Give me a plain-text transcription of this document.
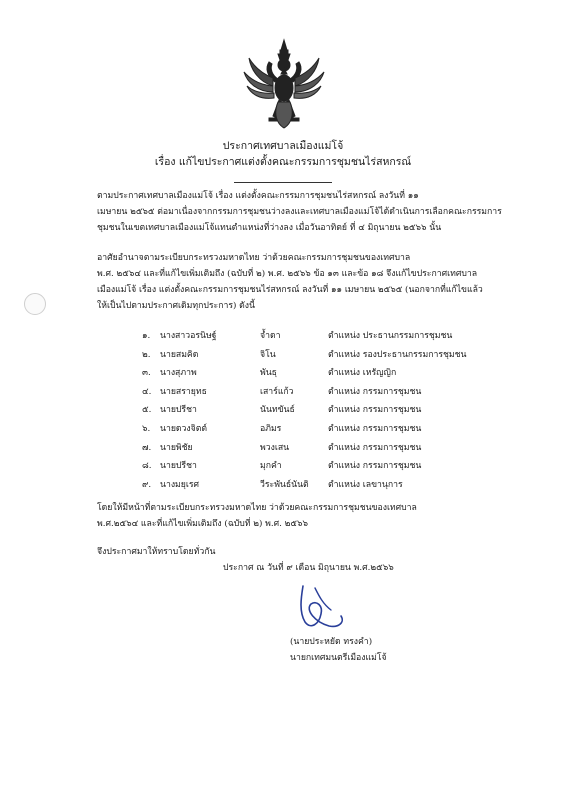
ประกาศเทศบาลเมืองแม่โจ้
เรื่อง แก้ไขประกาศแต่งตั้งคณะกรรมการชุมชนไร่สหกรณ์
ตามประกาศเทศบาลเมืองแม่โจ้ เรื่อง แต่งตั้งคณะกรรมการชุมชนไร่สหกรณ์ ลงวันที่ ๑๑
เมษายน ๒๕๖๕ ต่อมาเนื่องจากกรรมการชุมชนว่างลงและเทศบาลเมืองแม่โจ้ได้ดำเนินการเลือกคณะกรรมการ
ชุมชนในเขตเทศบาลเมืองแม่โจ้แทนตำแหน่งที่ว่างลง เมื่อวันอาทิตย์ ที่ ๔ มิถุนายน ๒๕๖๖ นั้น
อาศัยอำนาจตามระเบียบกระทรวงมหาดไทย ว่าด้วยคณะกรรมการชุมชนของเทศบาล
พ.ศ. ๒๕๖๔ และที่แก้ไขเพิ่มเติมถึง (ฉบับที่ ๒) พ.ศ. ๒๕๖๖ ข้อ ๑๓ และข้อ ๑๘ จึงแก้ไขประกาศเทศบาล
เมืองแม่โจ้ เรื่อง แต่งตั้งคณะกรรมการชุมชนไร่สหกรณ์ ลงวันที่ ๑๑ เมษายน ๒๕๖๕ (นอกจากที่แก้ไขแล้ว
ให้เป็นไปตามประกาศเดิมทุกประการ) ดังนี้
๑. นางสาวอรนิษฐ์	จ้ำดา	ตำแหน่ง ประธานกรรมการชุมชน
๒. นายสมคิด	จิโน	ตำแหน่ง รองประธานกรรมการชุมชน
๓. นางสุภาพ	พันธุ	ตำแหน่ง เหรัญญิก
๔. นายสรายุทธ	เสาร์แก้ว	ตำแหน่ง กรรมการชุมชน
๕. นายปรีชา	นันทขันธ์	ตำแหน่ง กรรมการชุมชน
๖. นายดวงจิตต์	อภิมร	ตำแหน่ง กรรมการชุมชน
๗. นายพิชัย	พวงเสน	ตำแหน่ง กรรมการชุมชน
๘. นายปรีชา	มุกคำ	ตำแหน่ง กรรมการชุมชน
๙. นางมยุเรศ	วีระพันธ์นันติ ตำแหน่ง เลขานุการ
โดยให้มีหน้าที่ตามระเบียบกระทรวงมหาดไทย ว่าด้วยคณะกรรมการชุมชนของเทศบาล
พ.ศ.๒๕๖๔ และที่แก้ไขเพิ่มเติมถึง (ฉบับที่ ๒) พ.ศ. ๒๕๖๖
จึงประกาศมาให้ทราบโดยทั่วกัน
ประกาศ ณ วันที่ ๙ เดือน มิถุนายน พ.ศ.๒๕๖๖
(นายประหยัด ทรงคำ)
นายกเทศมนตรีเมืองแม่โจ้
